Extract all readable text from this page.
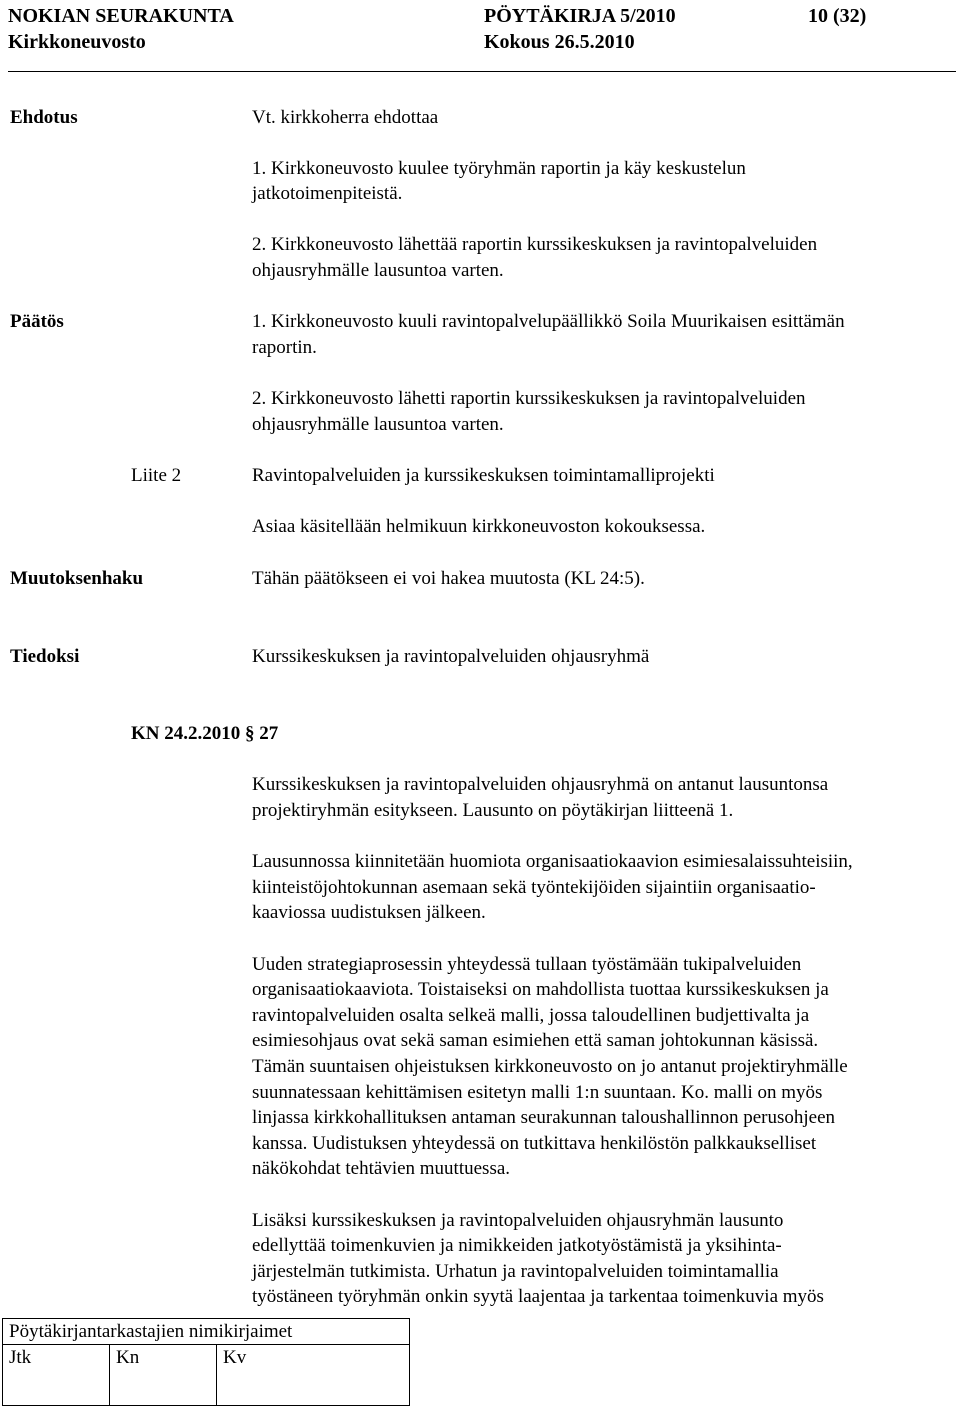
NOKIAN SEURAKUNTA	PÖYTÄKIRJA 5/2010	10 (32)
Kirkkoneuvosto	Kokous 26.5.2010
Ehdotus	Vt. kirkkoherra ehdottaa
1. Kirkkoneuvosto kuulee työryhmän raportin ja käy keskustelun
jatkotoimenpiteistä.
2. Kirkkoneuvosto lähettää raportin kurssikeskuksen ja ravintopalveluiden
ohjausryhmälle lausuntoa varten.
Päätös	1. Kirkkoneuvosto kuuli ravintopalvelupäällikkö Soila Muurikaisen esittämän
raportin.
2. Kirkkoneuvosto lähetti raportin kurssikeskuksen ja ravintopalveluiden
ohjausryhmälle lausuntoa varten.
Liite 2	Ravintopalveluiden ja kurssikeskuksen toimintamalliprojekti
Asiaa käsitellään helmikuun kirkkoneuvoston kokouksessa.
Muutoksenhaku	Tähän päätökseen ei voi hakea muutosta (KL 24:5).
Tiedoksi	Kurssikeskuksen ja ravintopalveluiden ohjausryhmä
KN 24.2.2010 § 27
Kurssikeskuksen ja ravintopalveluiden ohjausryhmä on antanut lausuntonsa
projektiryhmän esitykseen. Lausunto on pöytäkirjan liitteenä 1.
Lausunnossa kiinnitetään huomiota organisaatiokaavion esimiesalaissuhteisiin,
kiinteistöjohtokunnan asemaan sekä työntekijöiden sijaintiin organisaatio-
kaaviossa uudistuksen jälkeen.
Uuden strategiaprosessin yhteydessä tullaan työstämään tukipalveluiden
organisaatiokaaviota. Toistaiseksi on mahdollista tuottaa kurssikeskuksen ja
ravintopalveluiden osalta selkeä malli, jossa taloudellinen budjettivalta ja
esimiesohjaus ovat sekä saman esimiehen että saman johtokunnan käsissä.
Tämän suuntaisen ohjeistuksen kirkkoneuvosto on jo antanut projektiryhmälle
suunnatessaan kehittämisen esitetyn malli 1:n suuntaan. Ko. malli on myös
linjassa kirkkohallituksen antaman seurakunnan taloushallinnon perusohjeen
kanssa. Uudistuksen yhteydessä on tutkittava henkilöstön palkkaukselliset
näkökohdat tehtävien muuttuessa.
Lisäksi kurssikeskuksen ja ravintopalveluiden ohjausryhmän lausunto
edellyttää toimenkuvien ja nimikkeiden jatkotyöstämistä ja yksihinta-
järjestelmän tutkimista. Urhatun ja ravintopalveluiden toimintamallia
työstäneen työryhmän onkin syytä laajentaa ja tarkentaa toimenkuvia myös
Pöytäkirjantarkastajien nimikirjaimet
Jtk	Kn	Kv
